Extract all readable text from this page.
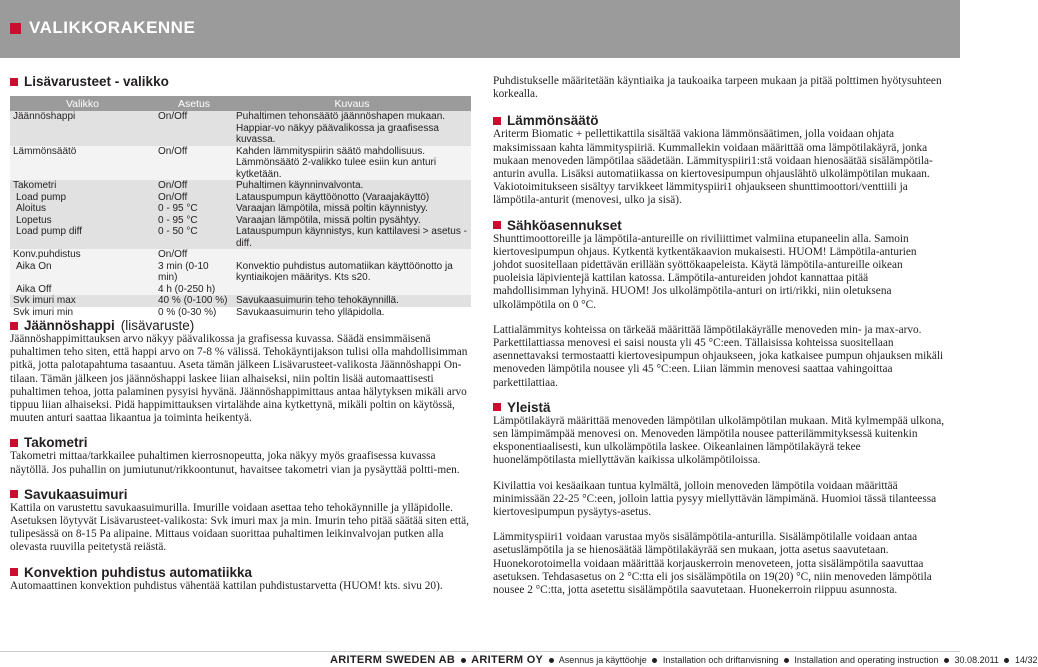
VALIKKORAKENNE
Lisävarusteet - valikko
Valikko	Asetus	Kuvaus
Jäännöshappi	On/Off	Puhaltimen tehonsäätö jäännöshapen mukaan. Happiar-vo näkyy päävalikossa ja graafisessa kuvassa.

Lämmönsäätö	On/Off	Kahden lämmityspiirin säätö mahdollisuus. Lämmönsäätö 2-valikko tulee esiin kun anturi kytketään.
Takometri	On/Off	Puhaltimen käynninvalvonta.
Load pump	On/Off	Latauspumpun käyttöönotto (Varaajakäyttö)
Aloitus	0 - 95 °C	Varaajan lämpötila, missä poltin käynnistyy.
Lopetus	0 - 95 °C	Varaajan lämpötila, missä poltin pysähtyy.
Load pump diff	0 - 50 °C	Latauspumpun käynnistys, kun kattilavesi > asetus - diff.
Konv.puhdistus	On/Off	
Aika On	3 min (0-10 min)	Konvektio puhdistus automatiikan käyttöönotto ja kyntiaikojen määritys. Kts s20.
Aika Off	4 h (0-250 h)	
Svk imuri max	40 % (0-100 %)	Savukaasuimurin teho tehokäynnillä.
Svk imuri min	0 % (0-30 %)	Savukaasuimurin teho ylläpidolla.
Jäännöshappi (lisävaruste)

Jäännöshappimittauksen arvo näkyy päävalikossa ja grafisessa kuvassa. Säädä ensimmäisenä puhaltimen teho siten, että happi arvo on 7-8 % välissä. Tehokäyntijakson tulisi olla mahdollisimman pitkä, jotta palotapahtuma tasaantuu. Aseta tämän jälkeen Lisävarusteet-valikosta Jäännöshappi On-tilaan. Tämän jälkeen jos jäännöshappi laskee liian alhaiseksi, niin poltin lisää automaattisesti puhaltimen tehoa, jotta palaminen pysyisi hyvänä. Jäännöshappimittaus antaa hälytyksen mikäli arvo tippuu liian alhaiseksi. Pidä happimittauksen virtalähde aina kytkettynä, mikäli poltin on käytössä, muuten anturi saattaa likaantua ja toiminta heikentyä.

Takometri

Takometri mittaa/tarkkailee puhaltimen kierrosnopeutta, joka näkyy myös graafisessa kuvassa näytöllä. Jos puhallin on jumiutunut/rikkoontunut, havaitsee takometri vian ja pysäyttää poltti-men.

Savukaasuimuri

Kattila on varustettu savukaasuimurilla. Imurille voidaan asettaa teho tehokäynnille ja ylläpidolle. Asetuksen löytyvät Lisävarusteet-valikosta: Svk imuri max ja min. Imurin teho pitää säätää siten että, tulipesässä on 8-15 Pa alipaine. Mittaus voidaan suorittaa puhaltimen leikinvalvojan putken alla olevasta ruuvilla peitetystä reiästä.

Konvektion puhdistus automatiikka

Automaattinen konvektion puhdistus vähentää kattilan puhdistustarvetta (HUOM! kts. sivu 20).

Puhdistukselle määritetään käyntiaika ja taukoaika tarpeen mukaan ja pitää polttimen hyötysuhteen korkealla.

Lämmönsäätö

Ariterm Biomatic + pellettikattila sisältää vakiona lämmönsäätimen, jolla voidaan ohjata maksimissaan kahta lämmityspiiriä. Kummallekin voidaan määrittää oma lämpötilakäyrä, jonka mukaan menoveden lämpötilaa säädetään. Lämmityspiiri1:stä voidaan hienosäätää sisälämpötila-anturin avulla. Lisäksi automatiikassa on kiertovesipumpun ohjauslähtö ulkolämpötilan mukaan. Vakiotoimitukseen sisältyy tarvikkeet lämmityspiiri1 ohjaukseen shunttimoottori/venttiili ja lämpötila-anturit (menovesi, ulko ja sisä).

Sähköasennukset

Shunttimoottoreille ja lämpötila-antureille on riviliittimet valmiina etupaneelin alla. Samoin kiertovesipumpun ohjaus. Kytkentä kytkentäkaavion mukaisesti. HUOM! Lämpötila-anturien johdot suositellaan pidettävän erillään syöttökaapeleista. Käytä lämpötila-antureille oikean puoleisia läpivientejä kattilan katossa. Lämpötila-antureiden johdot kannattaa pitää mahdollisimman lyhyinä. HUOM! Jos ulkolämpötila-anturi on irti/rikki, niin oletuksena ulkolämpötila on 0 °C.

Lattialämmitys kohteissa on tärkeää määrittää lämpötilakäyrälle menoveden min- ja max-arvo. Parkettilattiassa menovesi ei saisi nousta yli 45 °C:een. Tällaisissa kohteissa suositellaan asennettavaksi termostaatti kiertovesipumpun ohjaukseen, joka katkaisee pumpun ohjauksen mikäli menoveden lämpötila nousee yli 45 °C:een. Liian lämmin menovesi saattaa vahingoittaa parkettilattiaa.

Yleistä

Lämpötilakäyrä määrittää menoveden lämpötilan ulkolämpötilan mukaan. Mitä kylmempää ulkona, sen lämpimämpää menovesi on. Menoveden lämpötila nousee patterilämmityksessä kuitenkin eksponentiaalisesti, kun ulkolämpötila laskee. Oikeanlainen lämpötilakäyrä tekee huonelämpötilasta miellyttävän kaikissa ulkolämpötiloissa.

Kivilattia voi kesäaikaan tuntua kylmältä, jolloin menoveden lämpötila voidaan määrittää minimissään 22-25 °C:een, jolloin lattia pysyy miellyttävän lämpimänä. Huomioi tässä tilanteessa kiertovesipumpun pysäytys-asetus.

Lämmityspiiri1 voidaan varustaa myös sisälämpötila-anturilla. Sisälämpötilalle voidaan antaa asetuslämpötila ja se hienosäätää lämpötilakäyrää sen mukaan, jotta asetus saavutetaan. Huonekorotoimella voidaan määrittää korjauskerroin menoveteen, jotta sisälämpötila saavuttaa asetuksen. Tehdasasetus on 2 °C:tta eli jos sisälämpötila on 19(20) °C, niin menoveden lämpötila nousee 2 °C:tta, jotta asetettu sisälämpötila saavutetaan. Huonekerroin riippuu asunnosta.

ARITERM SWEDEN AB ARITERM OY Asennus ja käyttöohje Installation och driftanvisning Installation and operating instruction 30.08.2011 14/32
